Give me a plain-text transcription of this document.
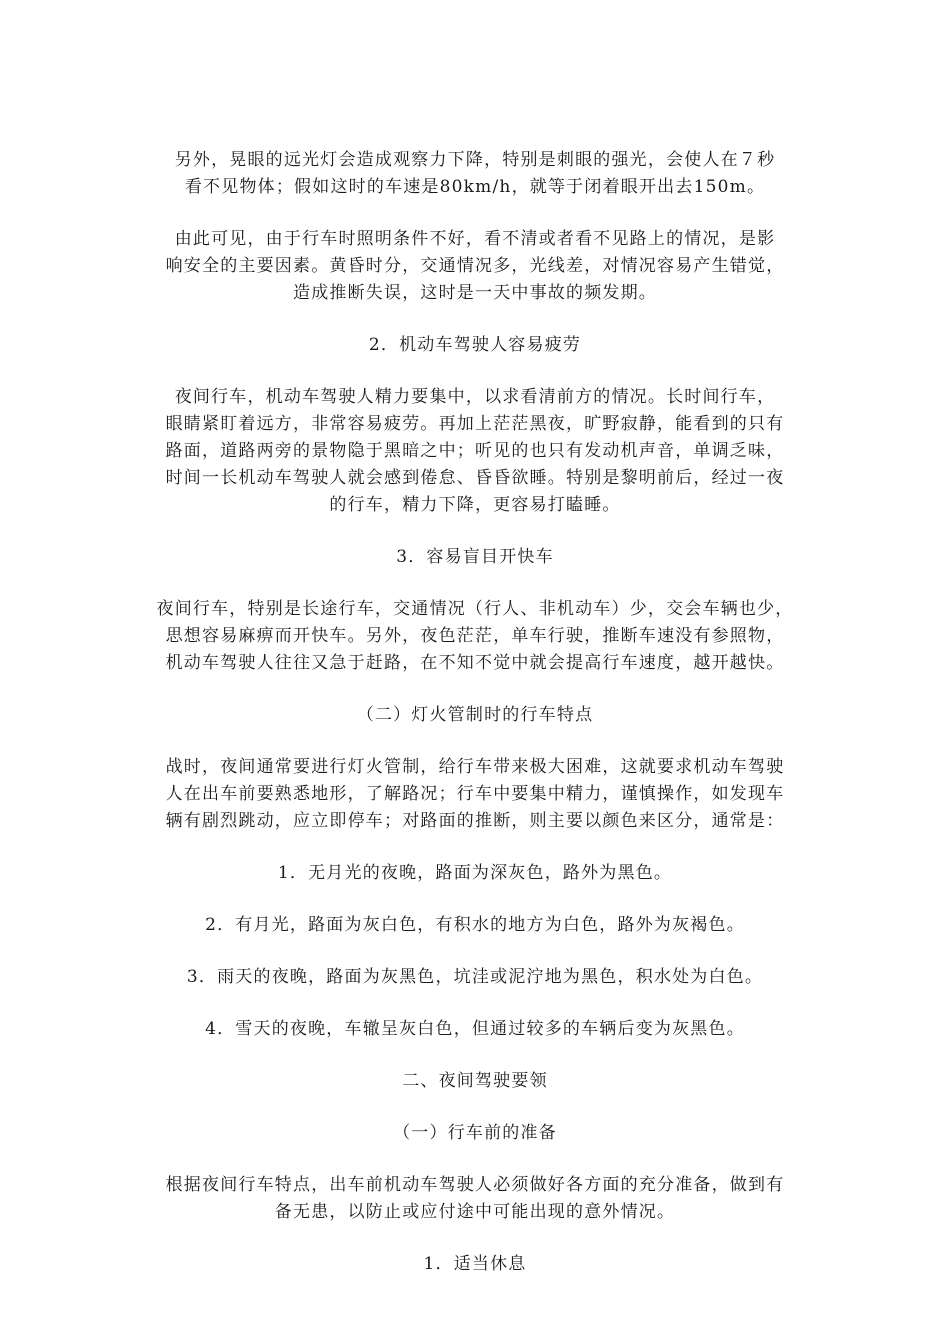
另外，晃眼的远光灯会造成观察力下降，特别是刺眼的强光，会使人在７秒
看不见物体；假如这时的车速是80km/h，就等于闭着眼开出去150m。

由此可见，由于行车时照明条件不好，看不清或者看不见路上的情况，是影
响安全的主要因素。黄昏时分，交通情况多，光线差，对情况容易产生错觉，
造成推断失误，这时是一天中事故的频发期。

2．机动车驾驶人容易疲劳

夜间行车，机动车驾驶人精力要集中，以求看清前方的情况。长时间行车，
眼睛紧盯着远方，非常容易疲劳。再加上茫茫黑夜，旷野寂静，能看到的只有
路面，道路两旁的景物隐于黑暗之中；听见的也只有发动机声音，单调乏味，
时间一长机动车驾驶人就会感到倦怠、昏昏欲睡。特别是黎明前后，经过一夜
的行车，精力下降，更容易打瞌睡。

3．容易盲目开快车

夜间行车，特别是长途行车，交通情况（行人、非机动车）少，交会车辆也少，
思想容易麻痹而开快车。另外，夜色茫茫，单车行驶，推断车速没有参照物，
机动车驾驶人往往又急于赶路，在不知不觉中就会提高行车速度，越开越快。

（二）灯火管制时的行车特点

战时，夜间通常要进行灯火管制，给行车带来极大困难，这就要求机动车驾驶
人在出车前要熟悉地形，了解路况；行车中要集中精力，谨慎操作，如发现车
辆有剧烈跳动，应立即停车；对路面的推断，则主要以颜色来区分，通常是：

1．无月光的夜晚，路面为深灰色，路外为黑色。

2．有月光，路面为灰白色，有积水的地方为白色，路外为灰褐色。

3．雨天的夜晚，路面为灰黑色，坑洼或泥泞地为黑色，积水处为白色。

4．雪天的夜晚，车辙呈灰白色，但通过较多的车辆后变为灰黑色。

二、夜间驾驶要领

（一）行车前的准备

根据夜间行车特点，出车前机动车驾驶人必须做好各方面的充分准备，做到有
备无患，以防止或应付途中可能出现的意外情况。

1．适当休息
